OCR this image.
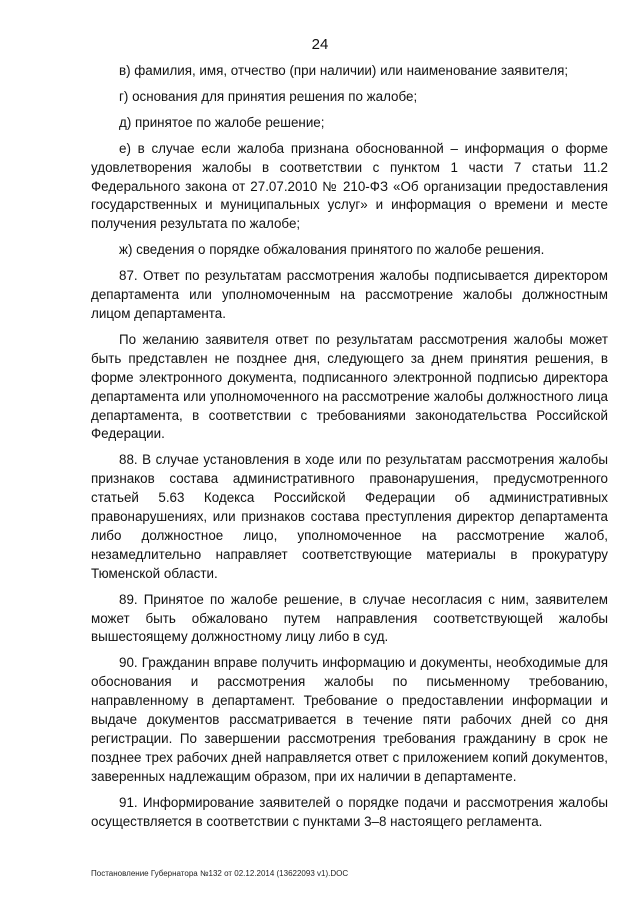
24

в) фамилия, имя, отчество (при наличии) или наименование заявителя;

г) основания для принятия решения по жалобе;

д) принятое по жалобе решение;

е) в случае если жалоба признана обоснованной – информация о форме удовлетворения жалобы в соответствии с пунктом 1 части 7 статьи 11.2 Федерального закона от 27.07.2010 № 210-ФЗ «Об организации предоставления государственных и муниципальных услуг» и информация о времени и месте получения результата по жалобе;

ж) сведения о порядке обжалования принятого по жалобе решения.

87. Ответ по результатам рассмотрения жалобы подписывается директором департамента или уполномоченным на рассмотрение жалобы должностным лицом департамента.

По желанию заявителя ответ по результатам рассмотрения жалобы может быть представлен не позднее дня, следующего за днем принятия решения, в форме электронного документа, подписанного электронной подписью директора департамента или уполномоченного на рассмотрение жалобы должностного лица департамента, в соответствии с требованиями законодательства Российской Федерации.

88. В случае установления в ходе или по результатам рассмотрения жалобы признаков состава административного правонарушения, предусмотренного статьей 5.63 Кодекса Российской Федерации об административных правонарушениях, или признаков состава преступления директор департамента либо должностное лицо, уполномоченное на рассмотрение жалоб, незамедлительно направляет соответствующие материалы в прокуратуру Тюменской области.

89. Принятое по жалобе решение, в случае несогласия с ним, заявителем может быть обжаловано путем направления соответствующей жалобы вышестоящему должностному лицу либо в суд.

90. Гражданин вправе получить информацию и документы, необходимые для обоснования и рассмотрения жалобы по письменному требованию, направленному в департамент. Требование о предоставлении информации и выдаче документов рассматривается в течение пяти рабочих дней со дня регистрации. По завершении рассмотрения требования гражданину в срок не позднее трех рабочих дней направляется ответ с приложением копий документов, заверенных надлежащим образом, при их наличии в департаменте.

91. Информирование заявителей о порядке подачи и рассмотрения жалобы осуществляется в соответствии с пунктами 3–8 настоящего регламента.

Постановление Губернатора №132 от 02.12.2014 (13622093 v1).DOC
